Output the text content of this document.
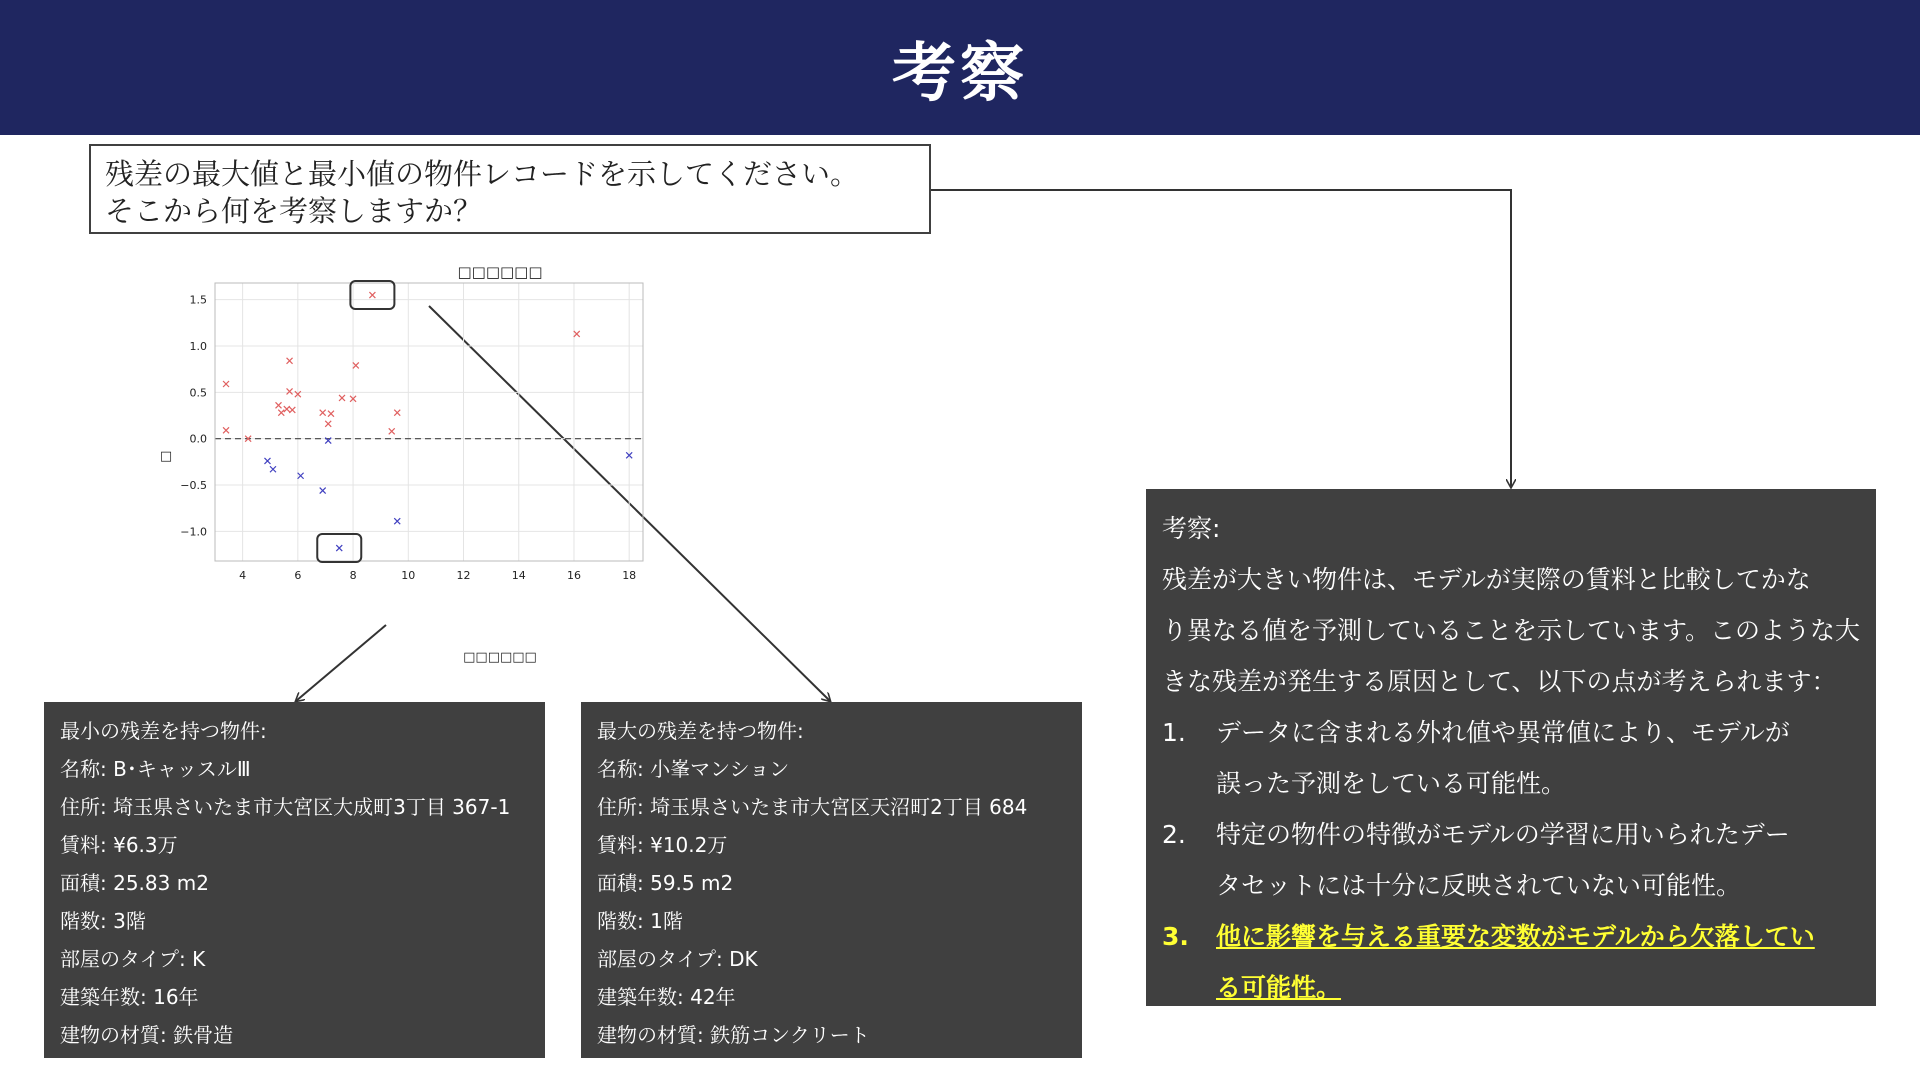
考察
残差の最大値と最小値の物件レコードを示してください。
そこから何を考察しますか？
□□□□□□
□
□□□□□□
4	6	8	10	12	14	16	18
−1.0
−0.5
0.0
0.5
1.0
1.5
最小の残差を持つ物件:
名称: B･キャッスルⅢ
住所: 埼玉県さいたま市大宮区大成町3丁目 367-1
賃料: ¥6.3万
面積: 25.83 m2
階数: 3階
部屋のタイプ: K
建築年数: 16年
建物の材質: 鉄骨造
最大の残差を持つ物件:
名称: 小峯マンション
住所: 埼玉県さいたま市大宮区天沼町2丁目 684
賃料: ¥10.2万
面積: 59.5 m2
階数: 1階
部屋のタイプ: DK
建築年数: 42年
建物の材質: 鉄筋コンクリート
考察:
残差が大きい物件は、モデルが実際の賃料と比較してかな
り異なる値を予測していることを示しています。このような大
きな残差が発生する原因として、以下の点が考えられます：
1.	データに含まれる外れ値や異常値により、モデルが
誤った予測をしている可能性。
2.	特定の物件の特徴がモデルの学習に用いられたデー
タセットには十分に反映されていない可能性。
3.	他に影響を与える重要な変数がモデルから欠落してい
る可能性。
